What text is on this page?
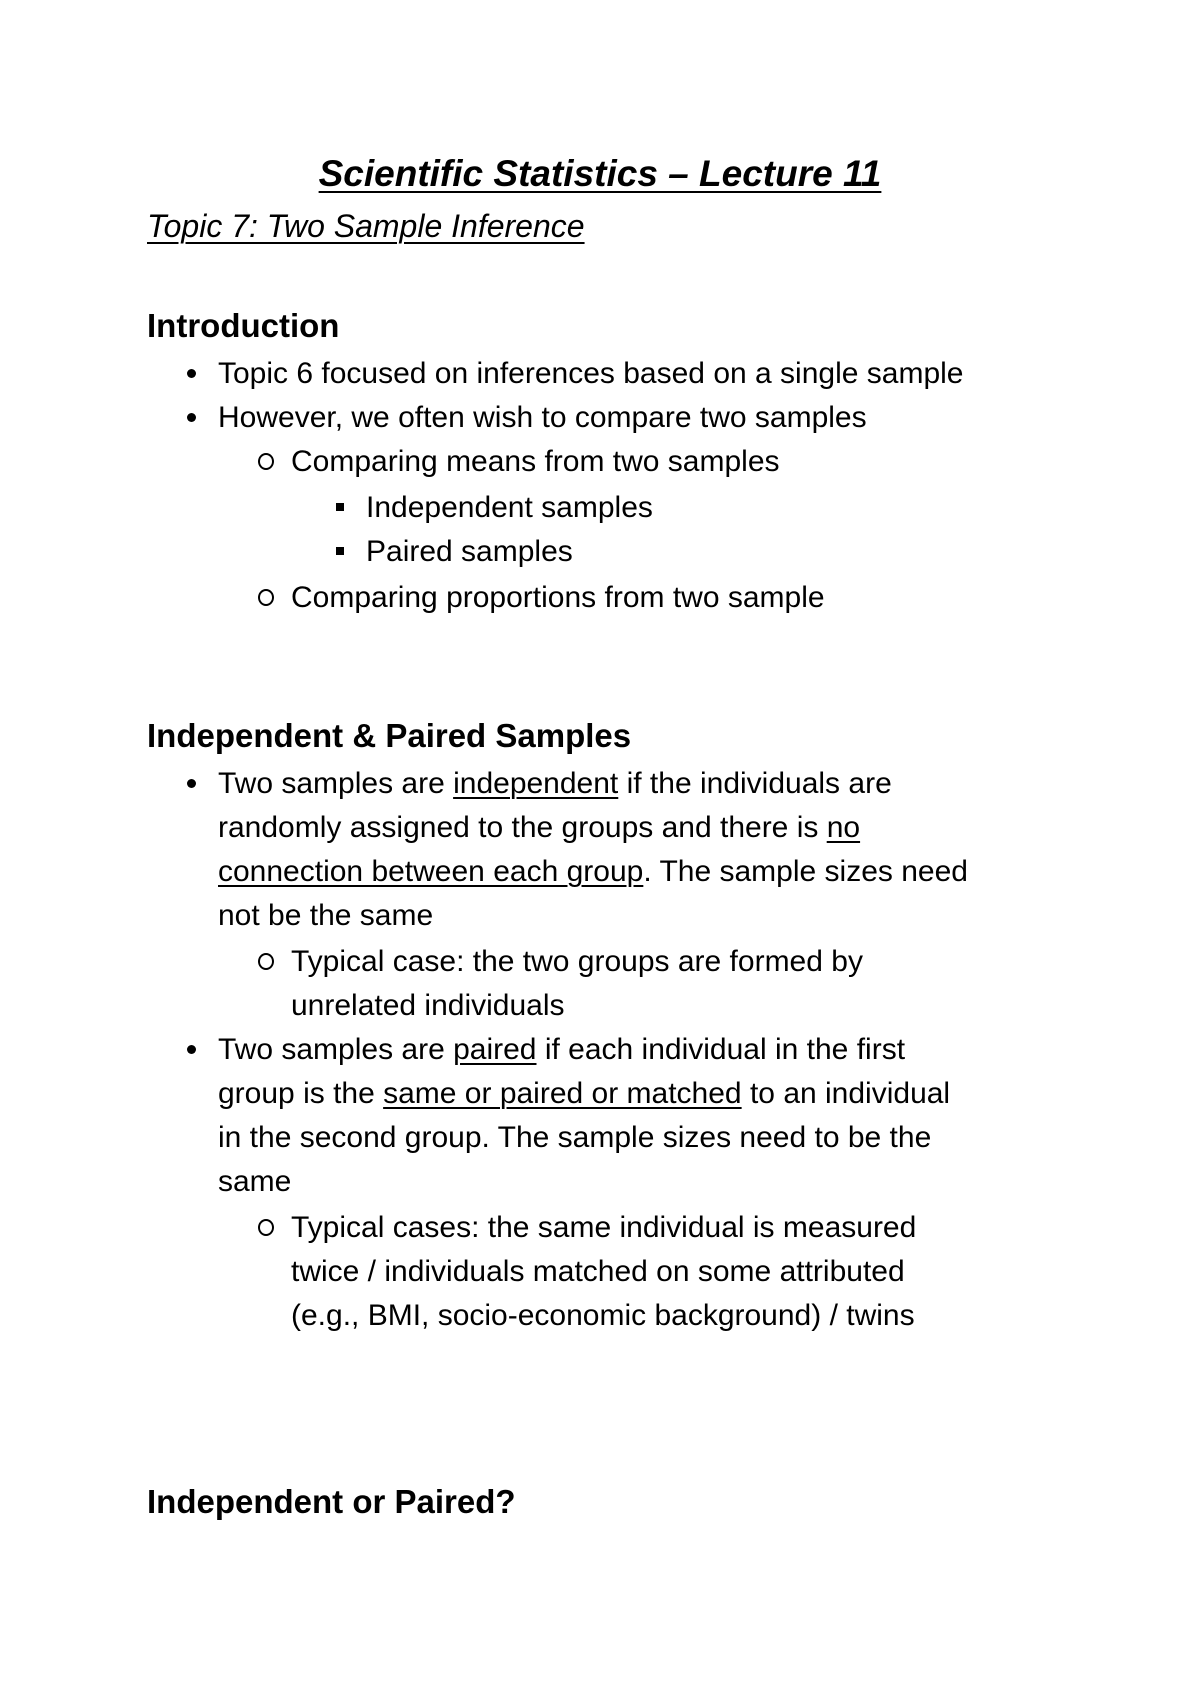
Scientific Statistics – Lecture 11
Topic 7: Two Sample Inference
Introduction
Topic 6 focused on inferences based on a single sample
However, we often wish to compare two samples
Comparing means from two samples
Independent samples
Paired samples
Comparing proportions from two sample
Independent & Paired Samples
Two samples are independent if the individuals are
randomly assigned to the groups and there is no
connection between each group. The sample sizes need
not be the same
Typical case: the two groups are formed by
unrelated individuals
Two samples are paired if each individual in the first
group is the same or paired or matched to an individual
in the second group. The sample sizes need to be the
same
Typical cases: the same individual is measured
twice / individuals matched on some attributed
(e.g., BMI, socio-economic background) / twins
Independent or Paired?
